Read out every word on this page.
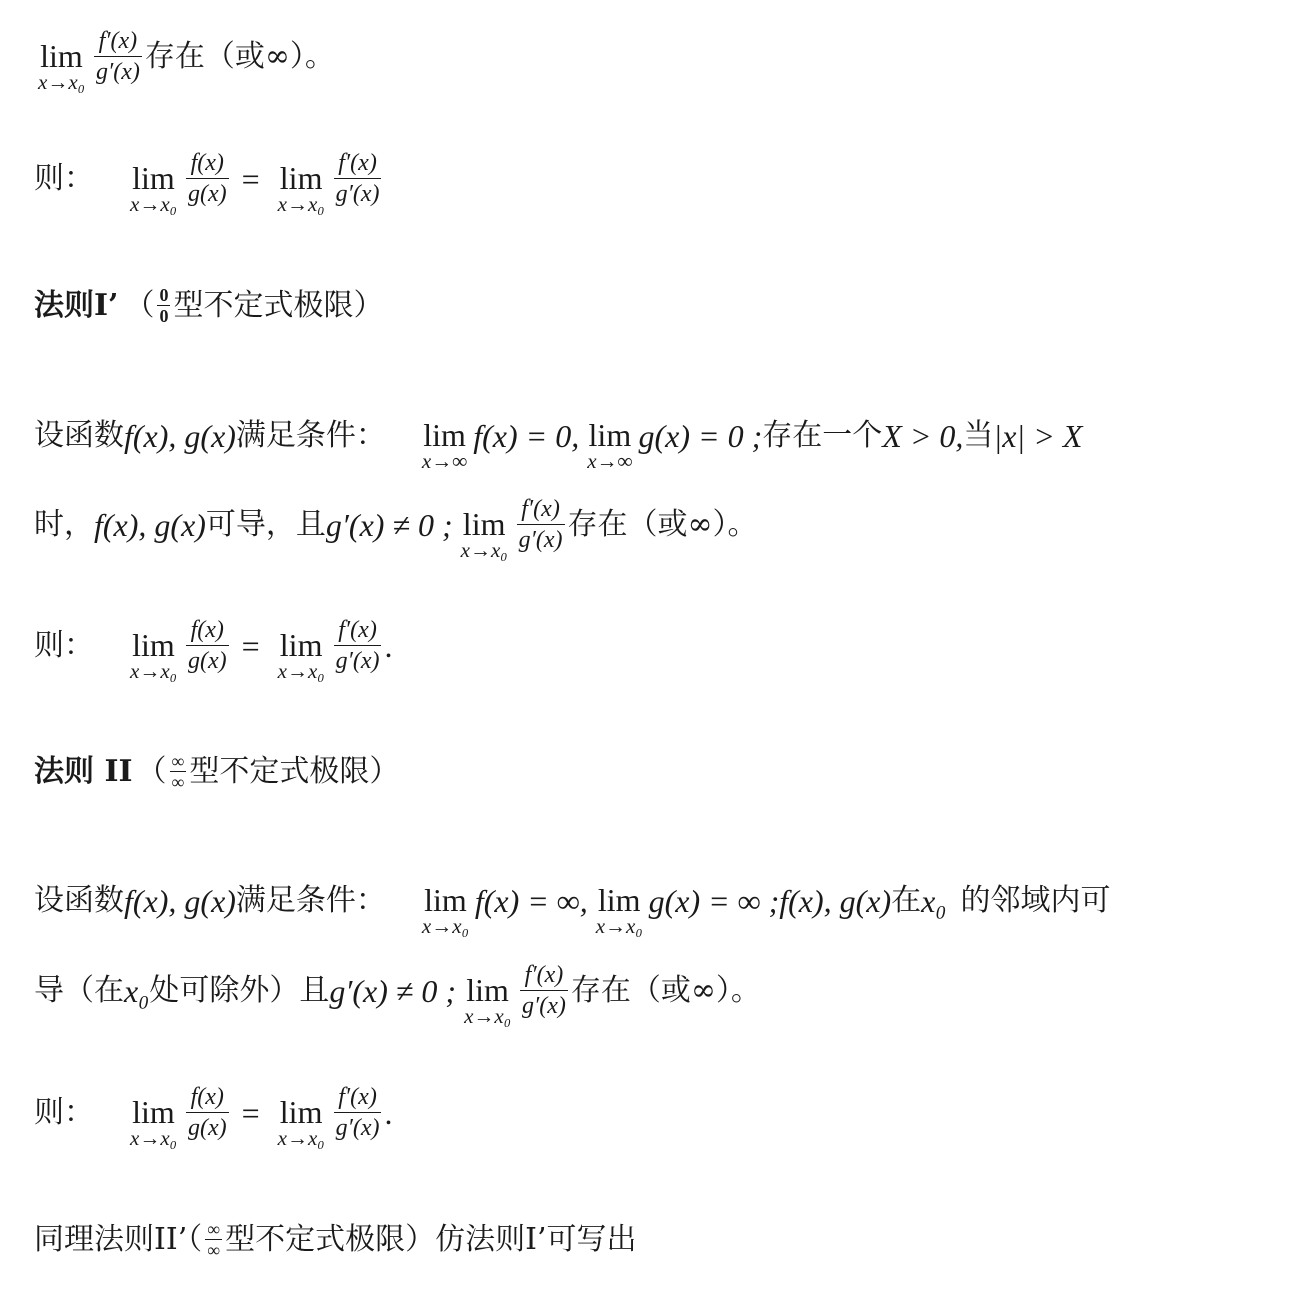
lim
$x\to x_0 \frac{f'(x)}{g'(x)}$ 存在（或∞）。
则： lim
$x\to x_0 \frac{f(x)}{g(x)} = \lim$
$x\to x_0 \frac{f'(x)}{g'(x)}$
法则I’ （ $\frac{0}{0}$ 型不定式极限）
设函数 f(x), g(x) 满足条件： lim
x→∞
f(x) = 0, lim
x→∞
g(x) = 0 ; 存在一个 X > 0, 当 |x| > X
时， f(x), g(x) 可导，且 g′(x) ≠ 0 ; lim
$x\to x_0 \frac{f'(x)}{g'(x)}$ 存在（或∞）。
则： lim
$x\to x_0 \frac{f(x)}{g(x)} = \lim$
$x\to x_0 \frac{f'(x)}{g'(x)}$ .
法则 II （ $\frac{\infty}{\infty}$ 型不定式极限）
设函数 f(x), g(x) 满足条件： lim
x→x₀
f(x) = ∞, lim
x→x₀
g(x) = ∞ ; f(x), g(x) 在 x₀ 的邻域内可
导（在 x₀ 处可除外）且 g′(x) ≠ 0 ; lim
$x\to x_0 \frac{f'(x)}{g'(x)}$ 存在（或∞）。
则： lim
$x\to x_0 \frac{f(x)}{g(x)} = \lim$
$x\to x_0 \frac{f'(x)}{g'(x)}$ .
同理法则II’（ $\frac{\infty}{\infty}$ 型不定式极限）仿法则I’可写出
